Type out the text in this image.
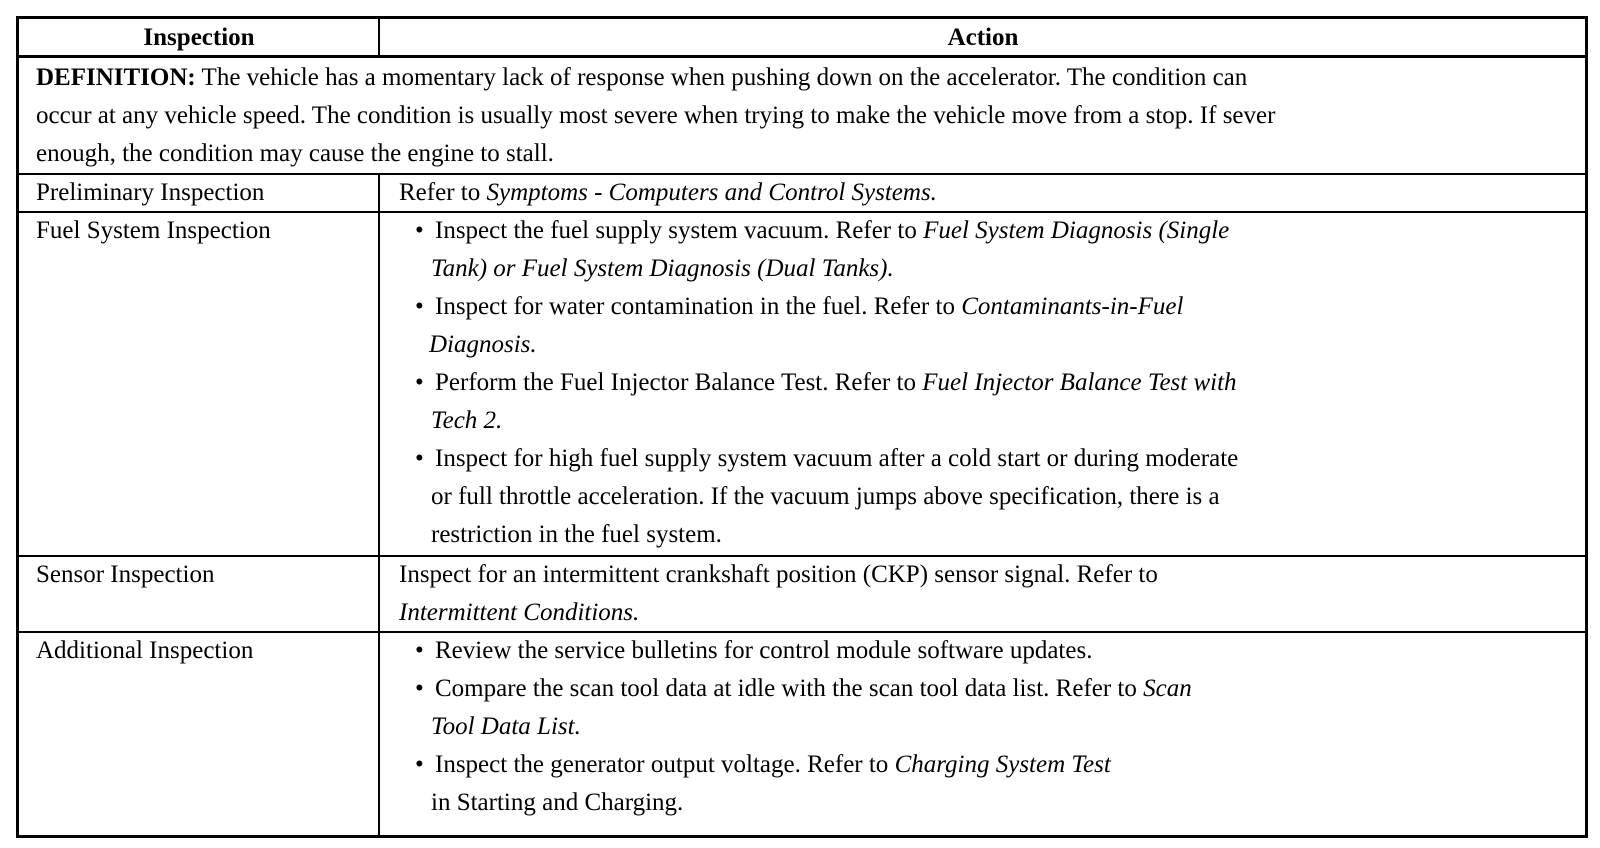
Inspection	Action

DEFINITION: The vehicle has a momentary lack of response when pushing down on the accelerator. The condition can

occur at any vehicle speed. The condition is usually most severe when trying to make the vehicle move from a stop. If sever

enough, the condition may cause the engine to stall.

Preliminary Inspection	Refer to Symptoms - Computers and Control Systems.
Fuel System Inspection	• Inspect the fuel supply system vacuum. Refer to Fuel System Diagnosis (Single
Tank) or Fuel System Diagnosis (Dual Tanks).
• Inspect for water contamination in the fuel. Refer to Contaminants-in-Fuel
Diagnosis.
• Perform the Fuel Injector Balance Test. Refer to Fuel Injector Balance Test with
Tech 2.
• Inspect for high fuel supply system vacuum after a cold start or during moderate
or full throttle acceleration. If the vacuum jumps above specification, there is a
restriction in the fuel system.
Sensor Inspection	Inspect for an intermittent crankshaft position (CKP) sensor signal. Refer to
Intermittent Conditions.
Additional Inspection	• Review the service bulletins for control module software updates.
• Compare the scan tool data at idle with the scan tool data list. Refer to Scan
Tool Data List.
• Inspect the generator output voltage. Refer to Charging System Test
in Starting and Charging.
